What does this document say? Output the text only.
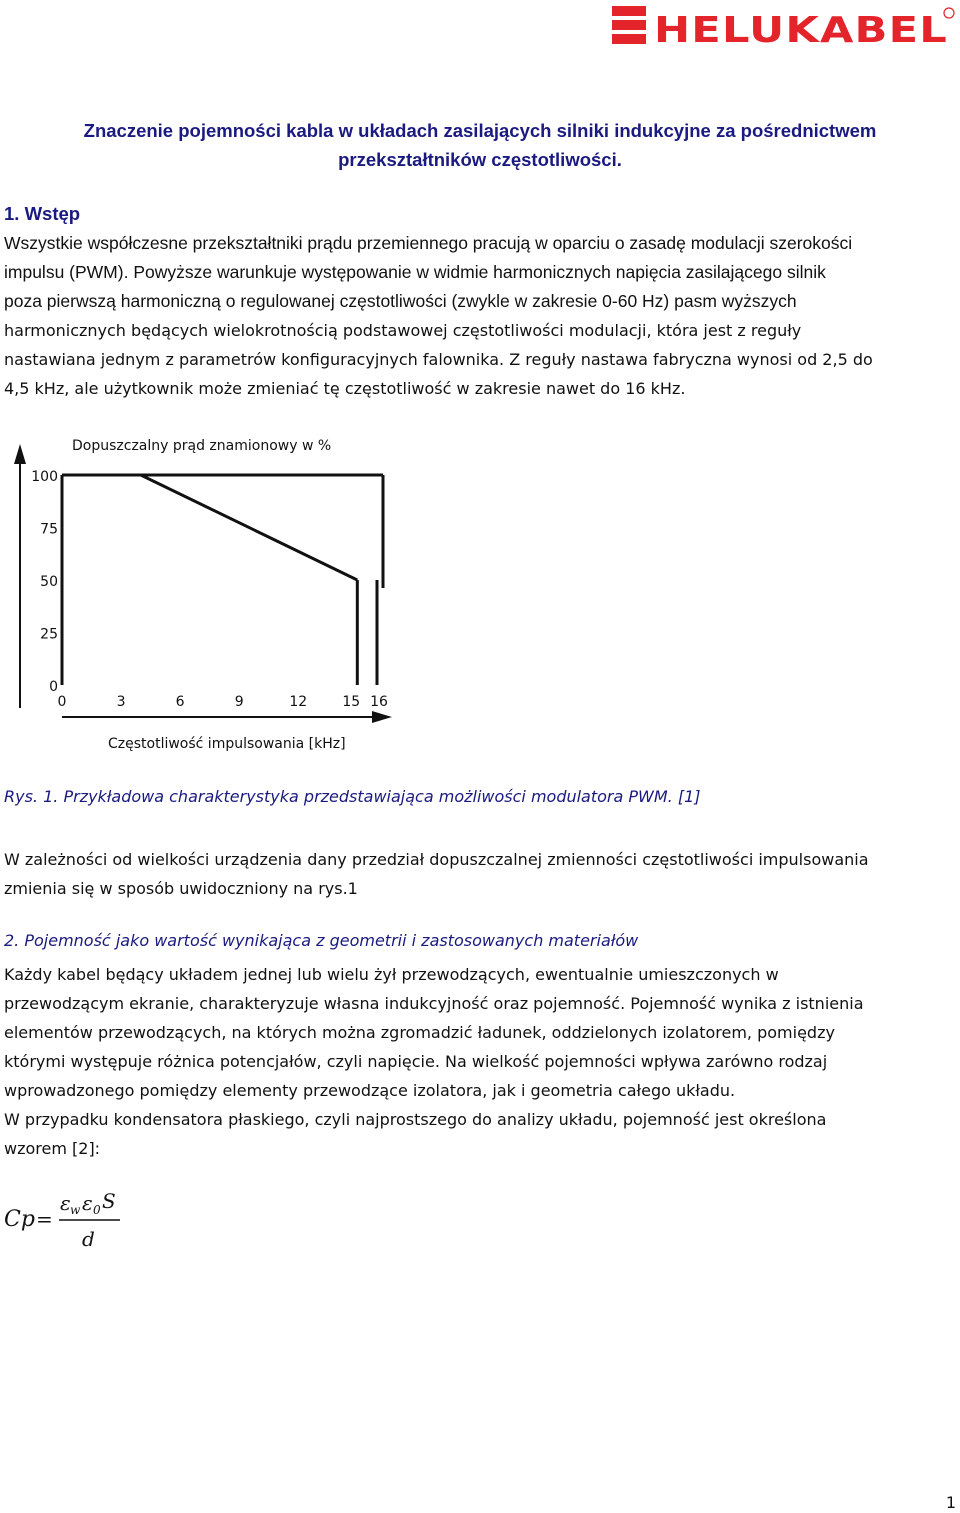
HELUKABEL
Znaczenie pojemności kabla w układach zasilających silniki indukcyjne za pośrednictwem
przekształtników częstotliwości.
1. Wstęp
Wszystkie współczesne przekształtniki prądu przemiennego pracują w oparciu o zasadę modulacji szerokości
impulsu (PWM). Powyższe warunkuje występowanie w widmie harmonicznych napięcia zasilającego silnik
poza pierwszą harmoniczną o regulowanej częstotliwości (zwykle w zakresie 0-60 Hz) pasm wyższych
harmonicznych będących wielokrotnością podstawowej częstotliwości modulacji, która jest z reguły
nastawiana jednym z parametrów konfiguracyjnych falownika. Z reguły nastawa fabryczna wynosi od 2,5 do
4,5 kHz, ale użytkownik może zmieniać tę częstotliwość w zakresie nawet do 16 kHz.
Dopuszczalny prąd znamionowy w %
100
75
50
25
0
0	3	6	9	12	15 16
Częstotliwość impulsowania [kHz]
Rys. 1. Przykładowa charakterystyka przedstawiająca możliwości modulatora PWM. [1]
W zależności od wielkości urządzenia dany przedział dopuszczalnej zmienności częstotliwości impulsowania
zmienia się w sposób uwidoczniony na rys.1
2. Pojemność jako wartość wynikająca z geometrii i zastosowanych materiałów
Każdy kabel będący układem jednej lub wielu żył przewodzących, ewentualnie umieszczonych w
przewodzącym ekranie, charakteryzuje własna indukcyjność oraz pojemność. Pojemność wynika z istnienia
elementów przewodzących, na których można zgromadzić ładunek, oddzielonych izolatorem, pomiędzy
którymi występuje różnica potencjałów, czyli napięcie. Na wielkość pojemności wpływa zarówno rodzaj
wprowadzonego pomiędzy elementy przewodzące izolatora, jak i geometria całego układu.
W przypadku kondensatora płaskiego, czyli najprostszego do analizy układu, pojemność jest określona
wzorem [2]:
Cp =
ε w ε 0 S
d
1
